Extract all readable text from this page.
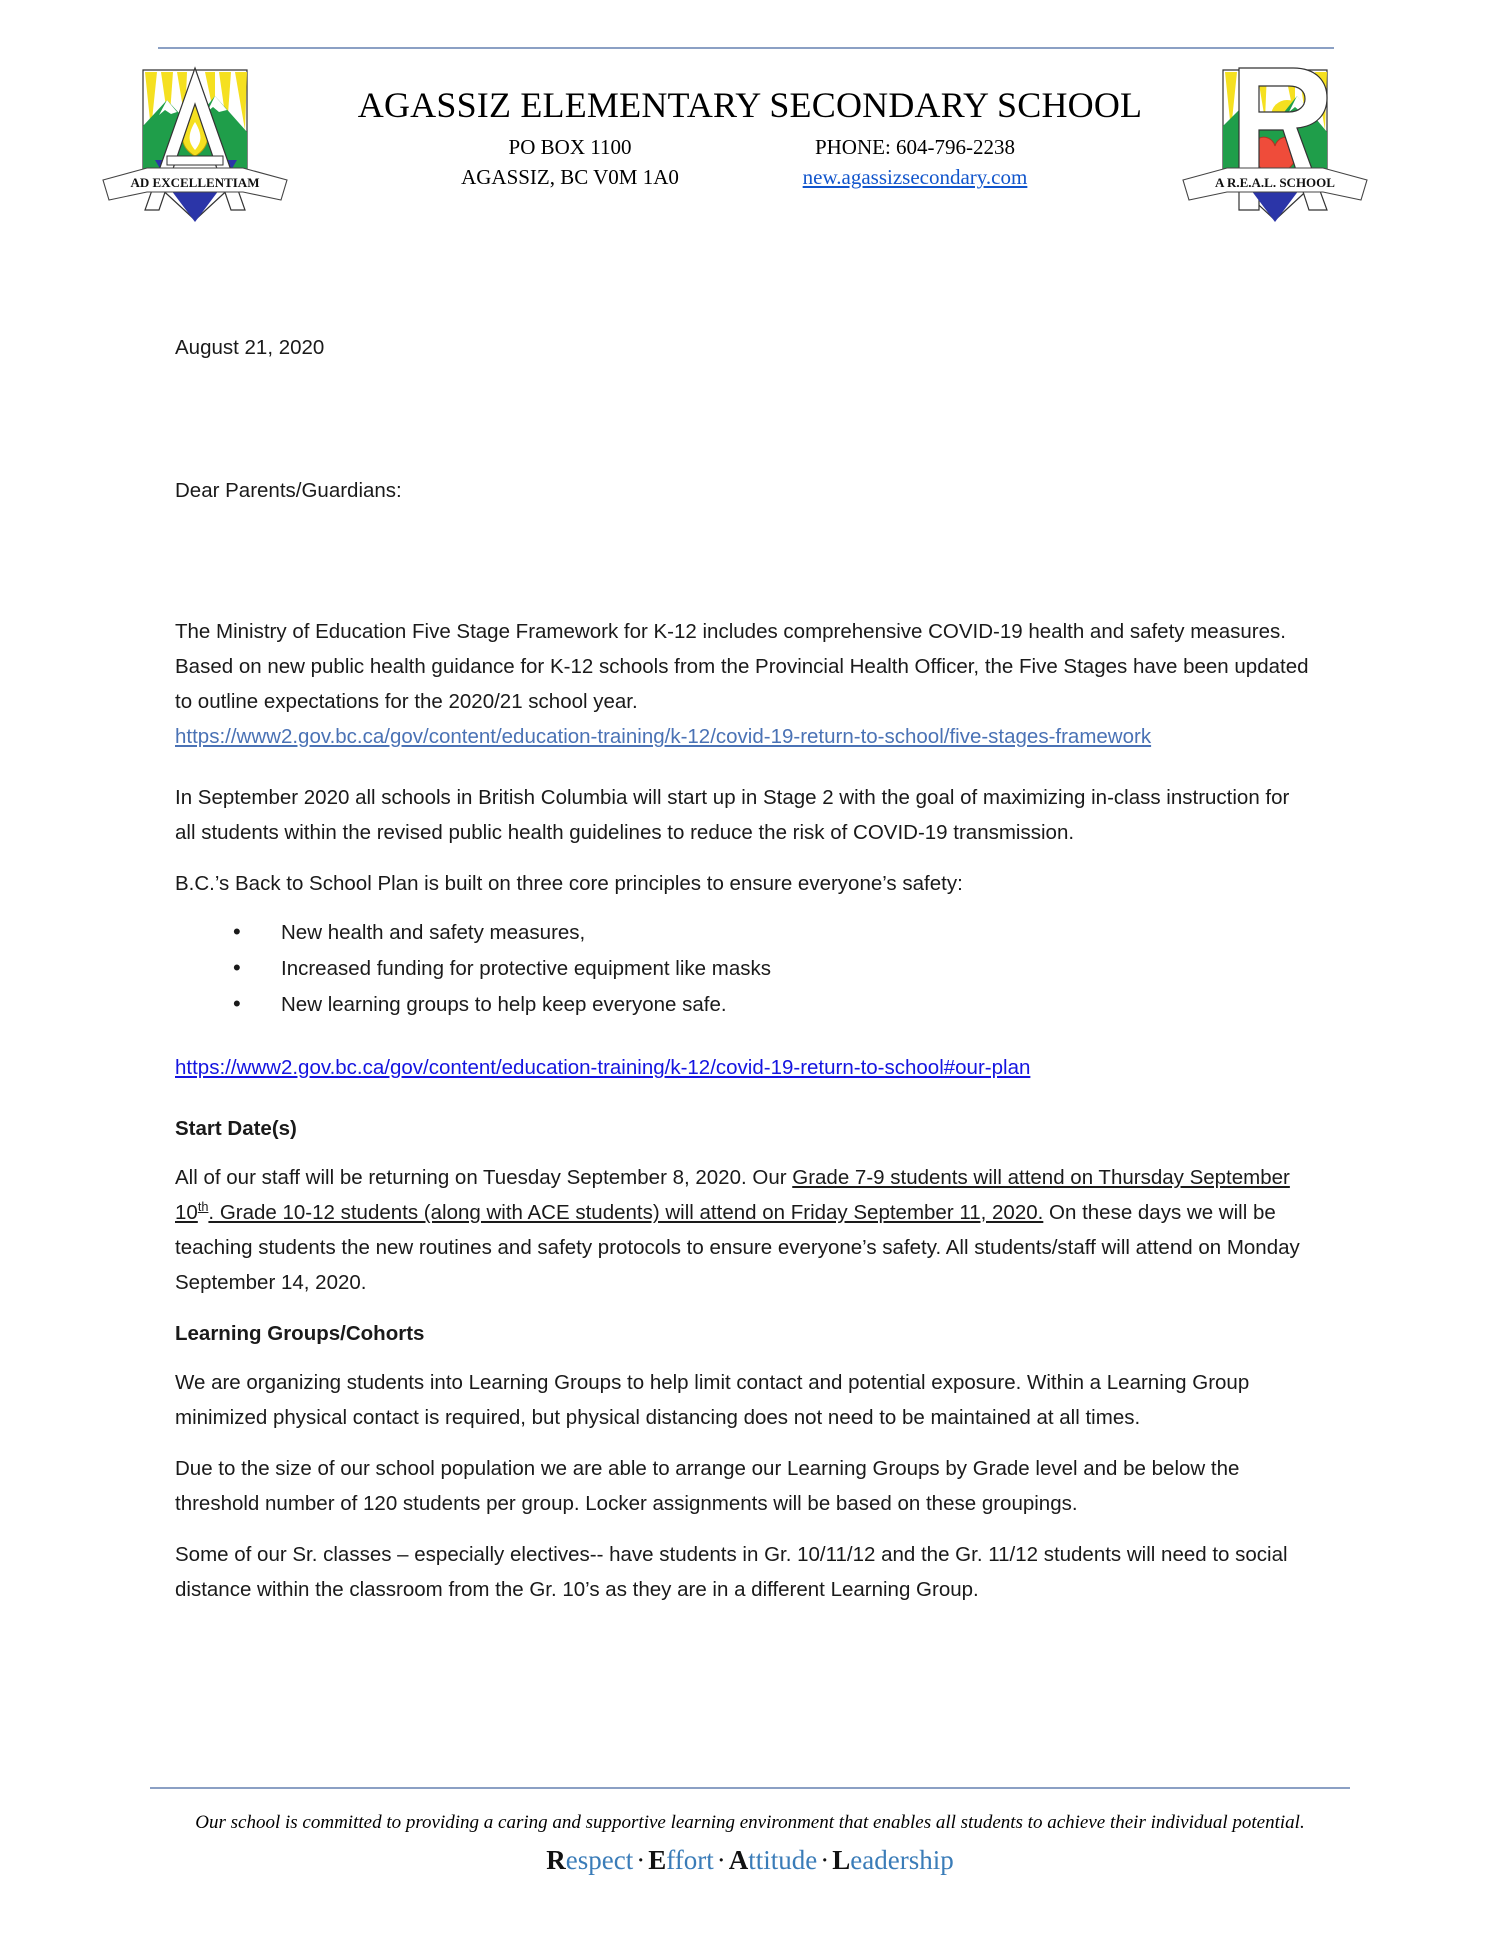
AD EXCELLENTIAM
AGASSIZ ELEMENTARY SECONDARY SCHOOL
PO BOX 1100	PHONE: 604-796-2238
AGASSIZ, BC V0M 1A0	new.agassizsecondary.com	A R.E.A.L. SCHOOL

August 21, 2020

Dear Parents/Guardians:

The Ministry of Education Five Stage Framework for K-12 includes comprehensive COVID-19 health and safety measures. Based on new public health guidance for K-12 schools from the Provincial Health Officer, the Five Stages have been updated to outline expectations for the 2020/21 school year.

https://www2.gov.bc.ca/gov/content/education-training/k-12/covid-19-return-to-school/five-stages-framework

In September 2020 all schools in British Columbia will start up in Stage 2 with the goal of maximizing in-class instruction for all students within the revised public health guidelines to reduce the risk of COVID-19 transmission.

B.C.’s Back to School Plan is built on three core principles to ensure everyone’s safety:

• New health and safety measures,
• Increased funding for protective equipment like masks
• New learning groups to help keep everyone safe.

https://www2.gov.bc.ca/gov/content/education-training/k-12/covid-19-return-to-school#our-plan

Start Date(s)

All of our staff will be returning on Tuesday September 8, 2020. Our Grade 7-9 students will attend on Thursday September 10th. Grade 10-12 students (along with ACE students) will attend on Friday September 11, 2020. On these days we will be teaching students the new routines and safety protocols to ensure everyone’s safety. All students/staff will attend on Monday September 14, 2020.

Learning Groups/Cohorts

We are organizing students into Learning Groups to help limit contact and potential exposure. Within a Learning Group minimized physical contact is required, but physical distancing does not need to be maintained at all times.

Due to the size of our school population we are able to arrange our Learning Groups by Grade level and be below the threshold number of 120 students per group. Locker assignments will be based on these groupings.

Some of our Sr. classes – especially electives-- have students in Gr. 10/11/12 and the Gr. 11/12 students will need to social distance within the classroom from the Gr. 10’s as they are in a different Learning Group.

Our school is committed to providing a caring and supportive learning environment that enables all students to achieve their individual potential.
Respect · Effort · Attitude · Leadership
